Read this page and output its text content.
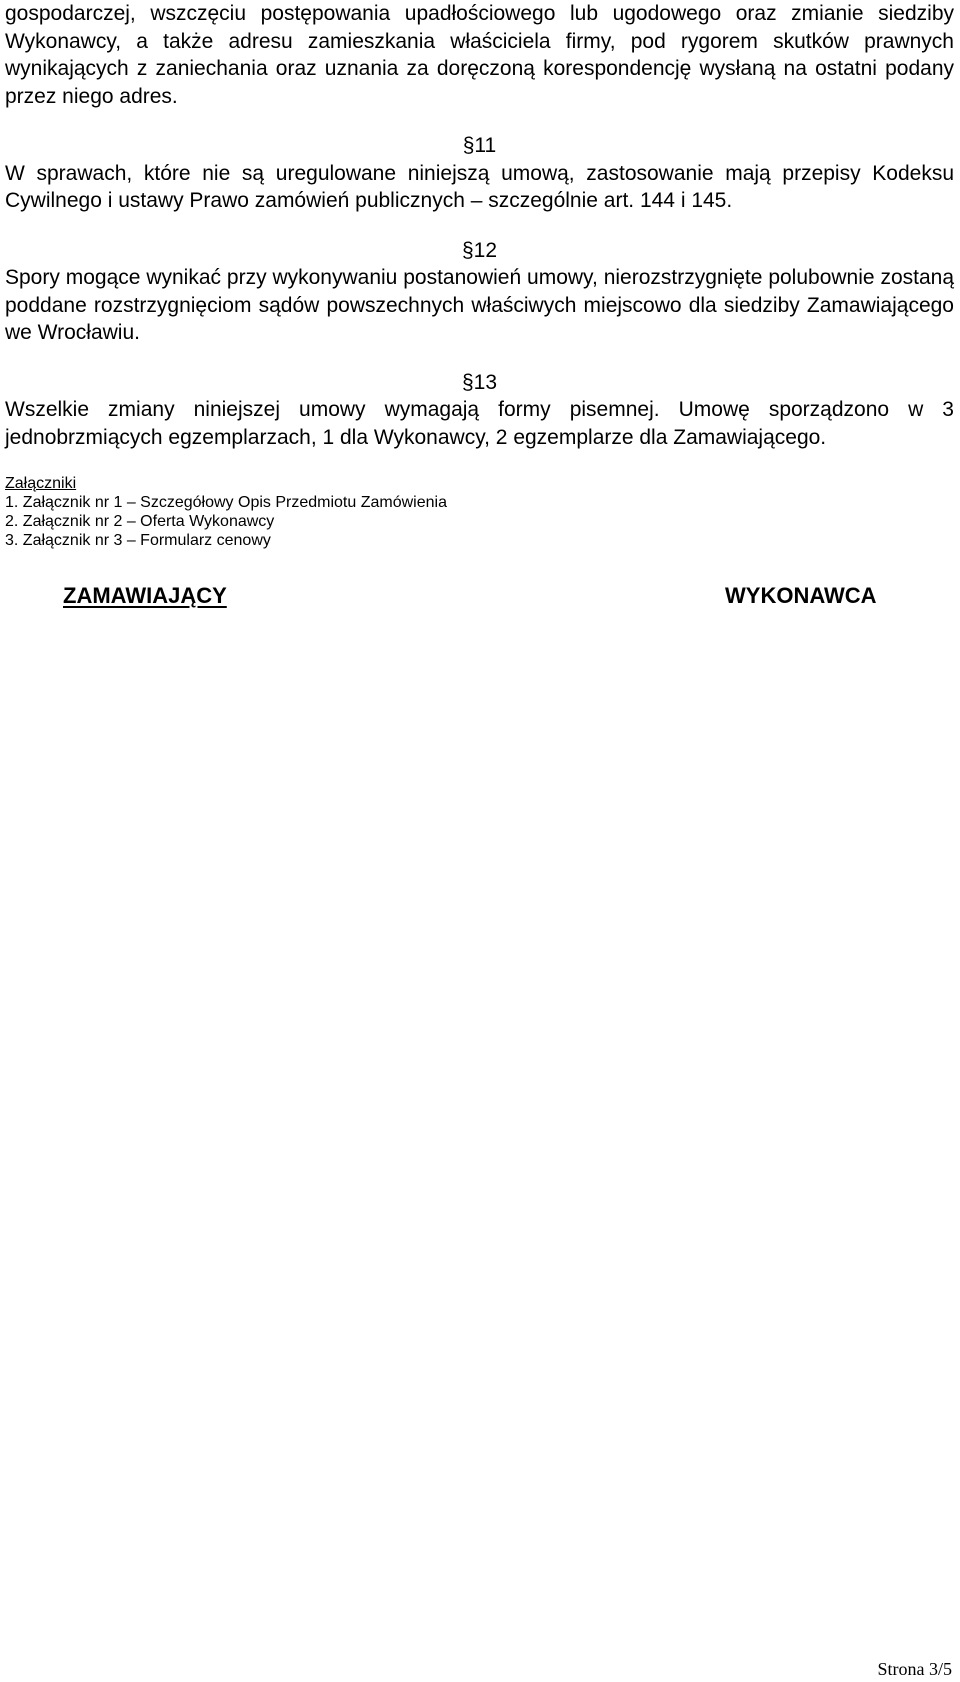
gospodarczej, wszczęciu postępowania upadłościowego lub ugodowego oraz zmianie siedziby Wykonawcy, a także adresu zamieszkania właściciela firmy, pod rygorem skutków prawnych wynikających z zaniechania oraz uznania za doręczoną korespondencję wysłaną na ostatni podany przez niego adres.

§11

W sprawach, które nie są uregulowane niniejszą umową, zastosowanie mają przepisy Kodeksu Cywilnego i ustawy Prawo zamówień publicznych – szczególnie art. 144 i 145.

§12

Spory mogące wynikać przy wykonywaniu postanowień umowy, nierozstrzygnięte polubownie zostaną poddane rozstrzygnięciom sądów powszechnych właściwych miejscowo dla siedziby Zamawiającego we Wrocławiu.

§13

Wszelkie zmiany niniejszej umowy wymagają formy pisemnej. Umowę sporządzono w 3 jednobrzmiących egzemplarzach, 1 dla Wykonawcy, 2 egzemplarze dla Zamawiającego.

Załączniki

1. Załącznik nr 1 – Szczegółowy Opis Przedmiotu Zamówienia
2. Załącznik nr 2 – Oferta Wykonawcy
3. Załącznik nr 3 – Formularz cenowy
ZAMAWIAJĄCY	WYKONAWCA
Strona 3/5
